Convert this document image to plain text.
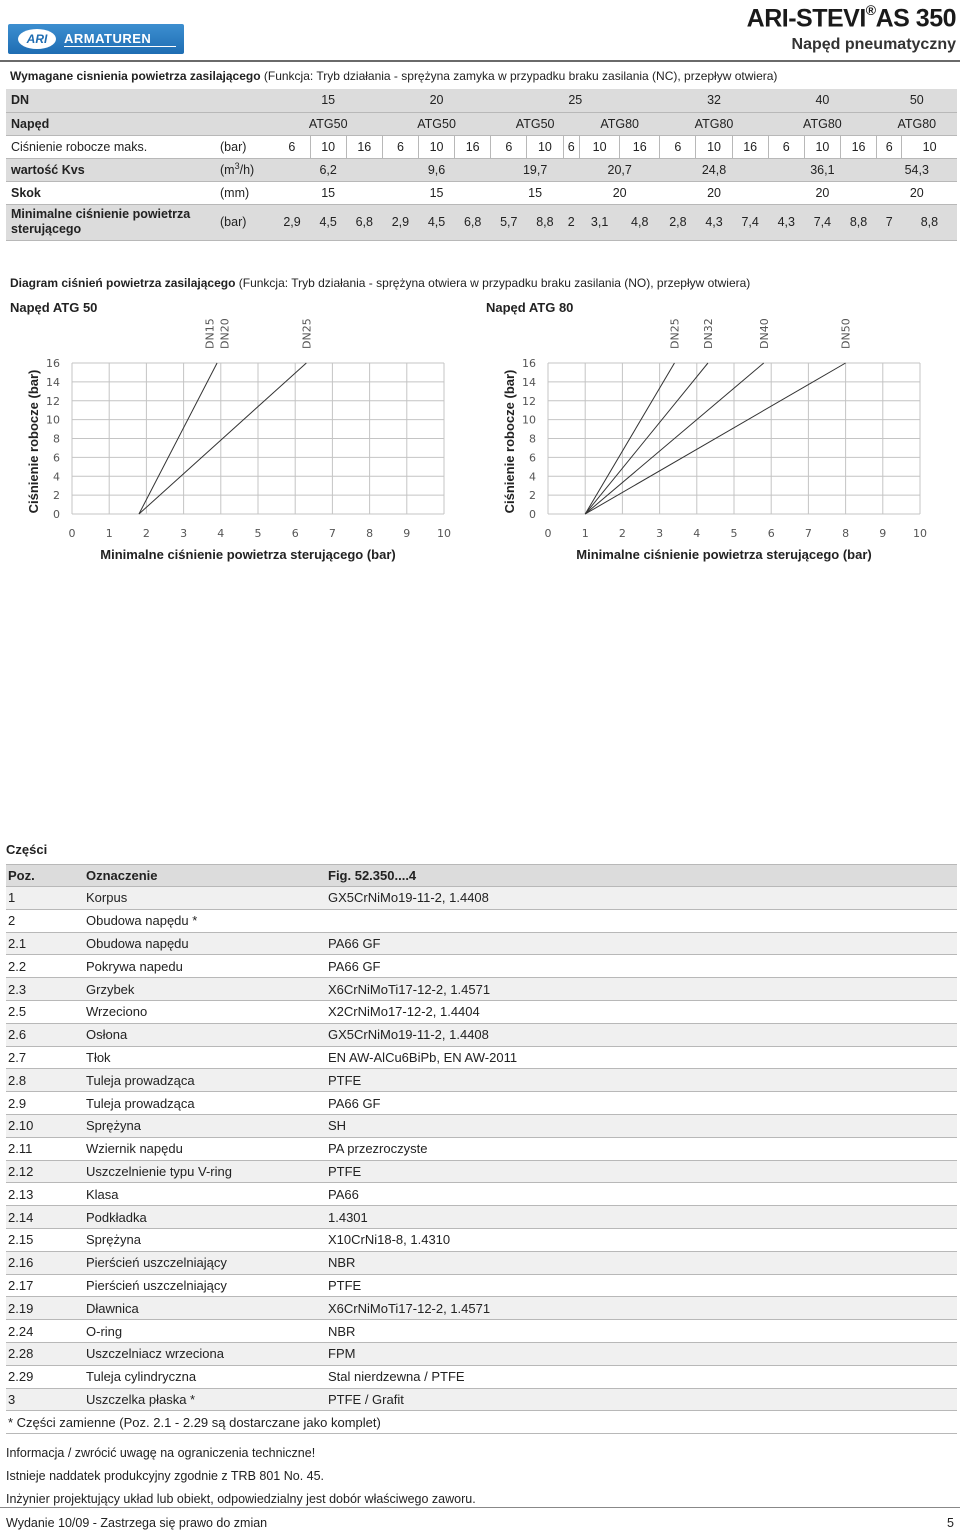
ARI	ARMATUREN
ARI-STEVI®AS 350
Napęd pneumatyczny
Wymagane cisnienia powietrza zasilającego (Funkcja: Tryb działania - sprężyna zamyka w przypadku braku zasilania (NC), przepływ otwiera)
DN		15			20			25					32			40			50	
Napęd		ATG50			ATG50			ATG50			ATG80		ATG80			ATG80			ATG80	
Ciśnienie robocze maks.	(bar)	6	10	16	6	10	16	6	10	6	10	16	6	10	16	6	10	16	6	10
wartość Kvs	$(m^3/h)$	6,2			9,6			19,7			20,7		24,8			36,1			54,3	
Skok	(mm)	15			15			15			20		20			20			20	
Minimalne ciśnienie powietrza
sterującego	(bar)	2,9	4,5	6,8	2,9	4,5	6,8	5,7	8,8	2	3,1	4,8	2,8	4,3	7,4	4,3	7,4	8,8	7	8,8
Diagram ciśnień powietrza zasilającego (Funkcja: Tryb działania - sprężyna otwiera w przypadku braku zasilania (NO), przepływ otwiera)
Napęd ATG 50
0	1	2	3	4	5	6	7	8	9 10
0
2
4
6
8
10
12
14
16
Minimalne ciśnienie powietrza sterującego (bar)
Ciśnienie robocze (bar)
DN15 DN20	DN25
Napęd ATG 80
0	1	2	3	4	5	6	7	8	9 10
0
2
4
6
8
10
12
14
16
Minimalne ciśnienie powietrza sterującego (bar)
Ciśnienie robocze (bar)
DN25 DN32	DN40	DN50
Części
Poz.	Oznaczenie	Fig. 52.350....4
1	Korpus	GX5CrNiMo19-11-2, 1.4408
2	Obudowa napędu *	
2.1	Obudowa napędu	PA66 GF
2.2	Pokrywa napedu	PA66 GF
2.3	Grzybek	X6CrNiMoTi17-12-2, 1.4571
2.5	Wrzeciono	X2CrNiMo17-12-2, 1.4404
2.6	Osłona	GX5CrNiMo19-11-2, 1.4408
2.7	Tłok	EN AW-AlCu6BiPb, EN AW-2011
2.8	Tuleja prowadząca	PTFE
2.9	Tuleja prowadząca	PA66 GF
2.10	Sprężyna	SH
2.11	Wziernik napędu	PA przezroczyste
2.12	Uszczelnienie typu V-ring	PTFE
2.13	Klasa	PA66
2.14	Podkładka	1.4301
2.15	Sprężyna	X10CrNi18-8, 1.4310
2.16	Pierścień uszczelniający	NBR
2.17	Pierścień uszczelniający	PTFE
2.19	Dławnica	X6CrNiMoTi17-12-2, 1.4571
2.24	O-ring	NBR
2.28	Uszczelniacz wrzeciona	FPM
2.29	Tuleja cylindryczna	Stal nierdzewna / PTFE
3	Uszczelka płaska *	PTFE / Grafit
* Części zamienne (Poz. 2.1 - 2.29 są dostarczane jako komplet)		
Informacja / zwrócić uwagę na ograniczenia techniczne!
Istnieje naddatek produkcyjny zgodnie z TRB 801 No. 45.
Inżynier projektujący układ lub obiekt, odpowiedzialny jest dobór właściwego zaworu.
Wydanie 10/09 - Zastrzega się prawo do zmian	5
